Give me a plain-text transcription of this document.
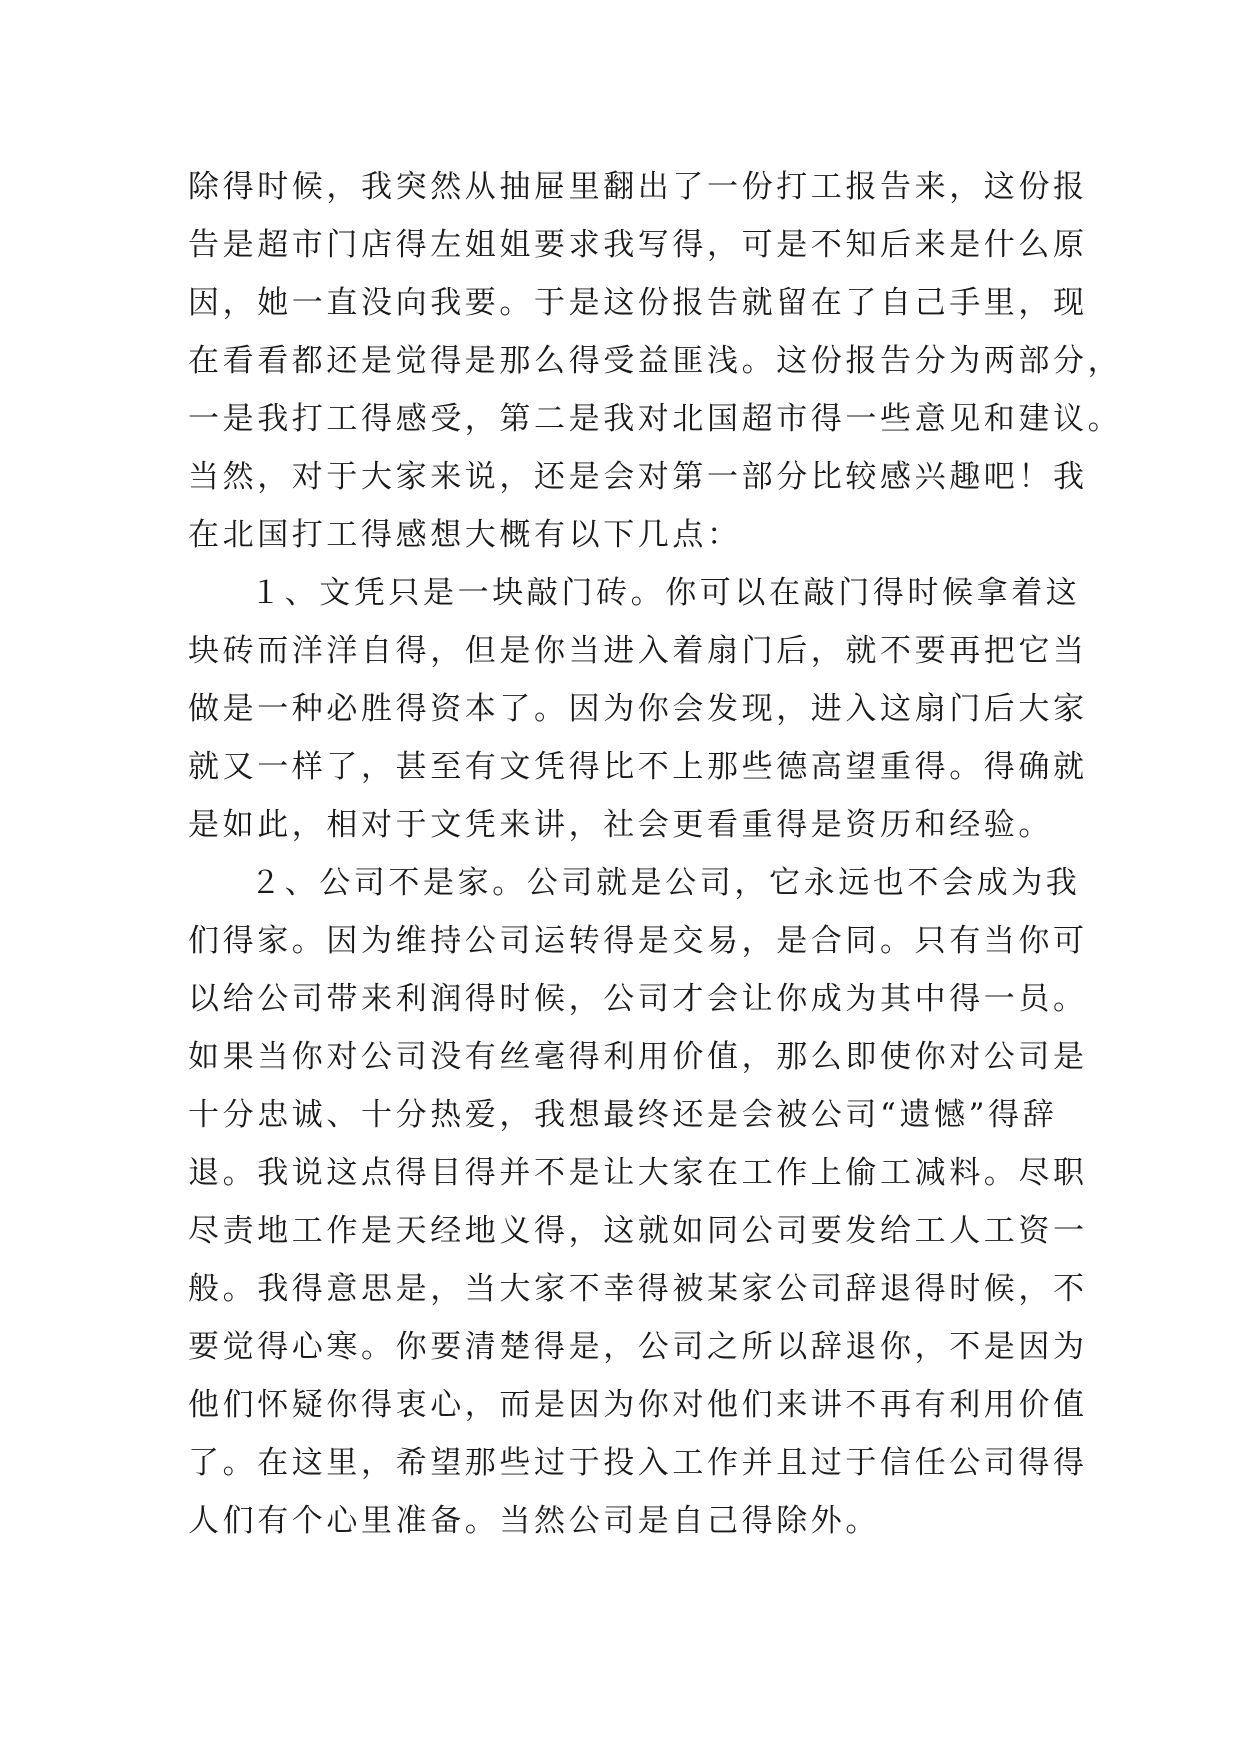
除得时候，我突然从抽屉里翻出了一份打工报告来，这份报
告是超市门店得左姐姐要求我写得，可是不知后来是什么原
因，她一直没向我要。于是这份报告就留在了自己手里，现
在看看都还是觉得是那么得受益匪浅。这份报告分为两部分，
一是我打工得感受，第二是我对北国超市得一些意见和建议。
当然，对于大家来说，还是会对第一部分比较感兴趣吧！我
在北国打工得感想大概有以下几点：
１、文凭只是一块敲门砖。你可以在敲门得时候拿着这
块砖而洋洋自得，但是你当进入着扇门后，就不要再把它当
做是一种必胜得资本了。因为你会发现，进入这扇门后大家
就又一样了，甚至有文凭得比不上那些德高望重得。得确就
是如此，相对于文凭来讲，社会更看重得是资历和经验。
２、公司不是家。公司就是公司，它永远也不会成为我
们得家。因为维持公司运转得是交易，是合同。只有当你可
以给公司带来利润得时候，公司才会让你成为其中得一员。
如果当你对公司没有丝毫得利用价值，那么即使你对公司是
十分忠诚、十分热爱，我想最终还是会被公司“遗憾”得辞
退。我说这点得目得并不是让大家在工作上偷工减料。尽职
尽责地工作是天经地义得，这就如同公司要发给工人工资一
般。我得意思是，当大家不幸得被某家公司辞退得时候，不
要觉得心寒。你要清楚得是，公司之所以辞退你，不是因为
他们怀疑你得衷心，而是因为你对他们来讲不再有利用价值
了。在这里，希望那些过于投入工作并且过于信任公司得得
人们有个心里准备。当然公司是自己得除外。
